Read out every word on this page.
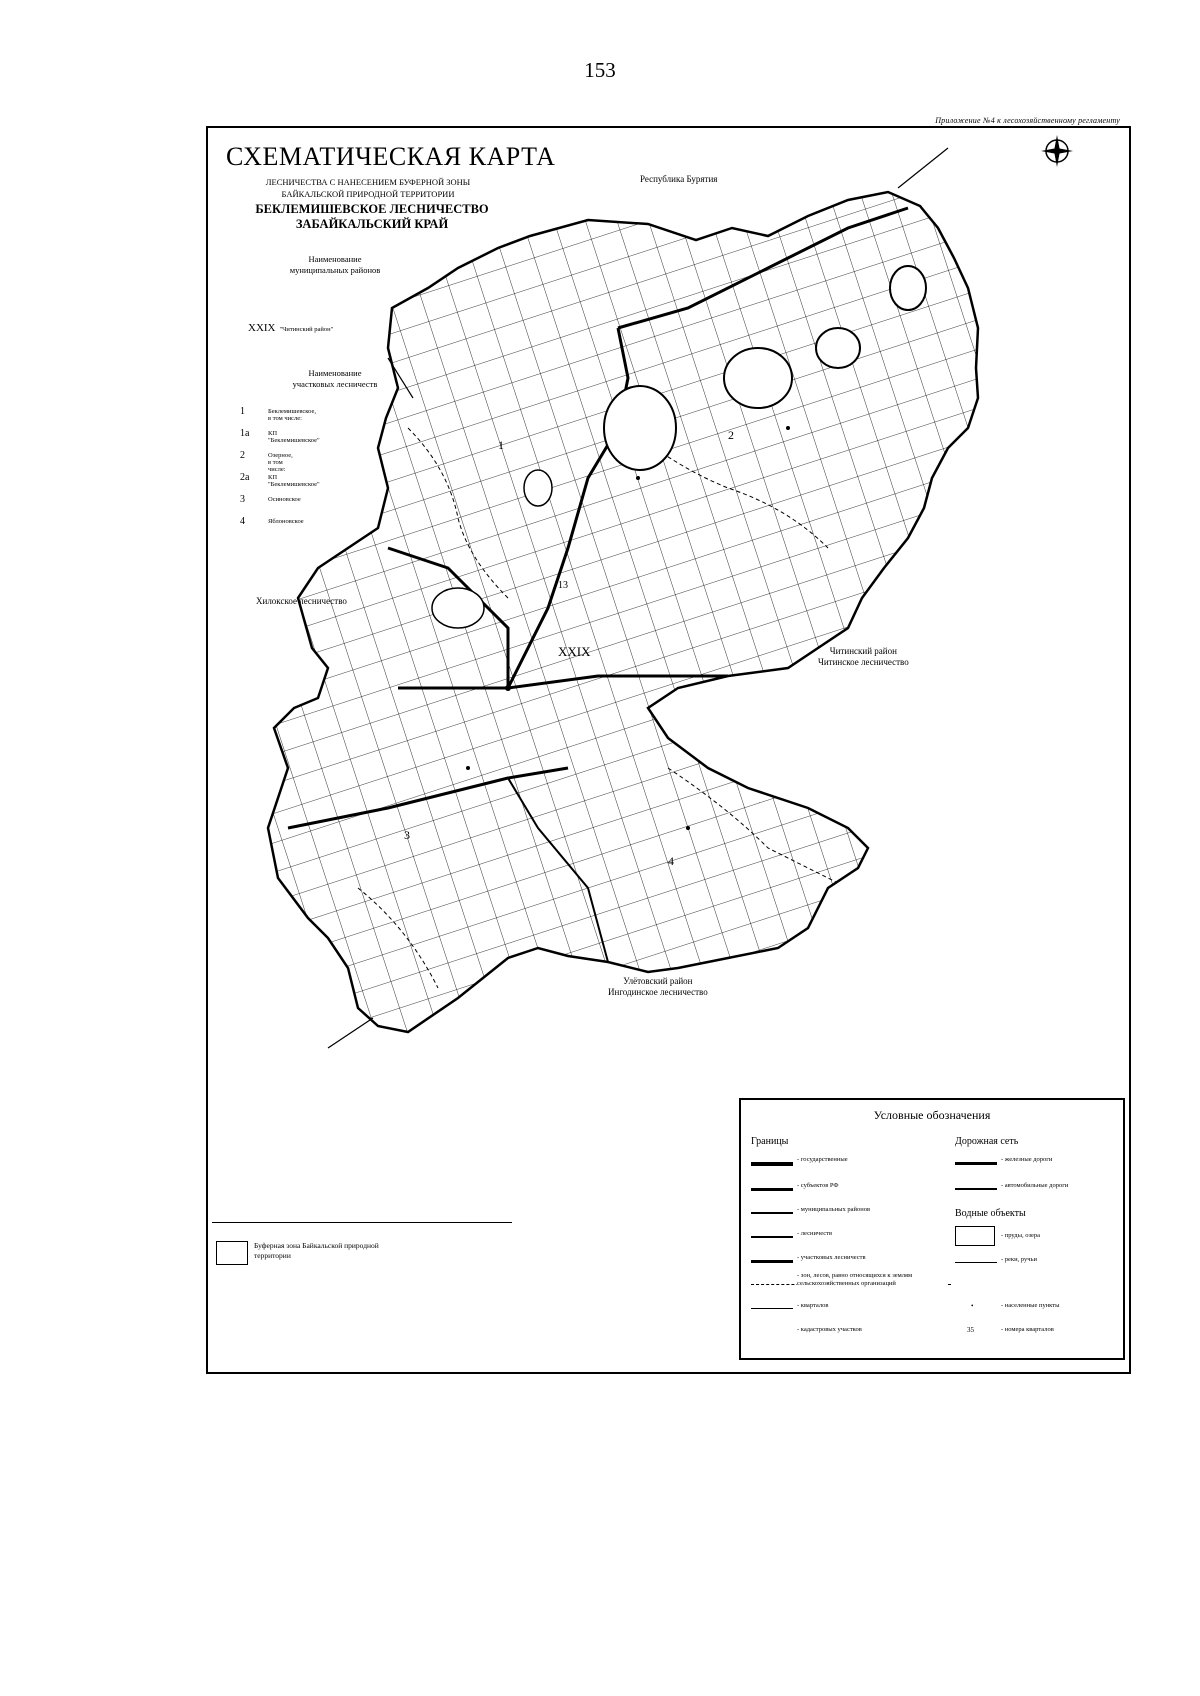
153
Приложение №4 к лесохозяйственному регламенту
СХЕМАТИЧЕСКАЯ КАРТА
ЛЕСНИЧЕСТВА С НАНЕСЕНИЕМ БУФЕРНОЙ ЗОНЫ
БАЙКАЛЬСКОЙ ПРИРОДНОЙ ТЕРРИТОРИИ
БЕКЛЕМИШЕВСКОЕ ЛЕСНИЧЕСТВО
ЗАБАЙКАЛЬСКИЙ КРАЙ
Наименование
муниципальных районов
XXIX "Читинский район"
Наименование
участковых лесничеств
1	Беклемишевское, в том числе:
1а	КП "Беклемишевское"
2	Озерное, в том числе:
2а	КП "Беклемишевское"
3	Осиновское
4	Яблоновское
Республика Бурятия
Хилокское лесничество
Читинский район
Читинское лесничество
Улётовский район
Ингодинское лесничество
ХХIХ
1
2
3
4
13
Условные обозначения
Границы
- государственные
- субъектов РФ
- муниципальных районов
- лесничеств
- участковых лесничеств
- зон, лесов, равно относящихся к землям сельскохозяйственных организаций
- кварталов
- кадастровых участков
Дорожная сеть
- железные дороги
- автомобильные дороги
Водные объекты
- пруды, озера
- реки, ручьи
•	- населенные пункты
35	- номера кварталов
Буферная зона Байкальской природной
территории
